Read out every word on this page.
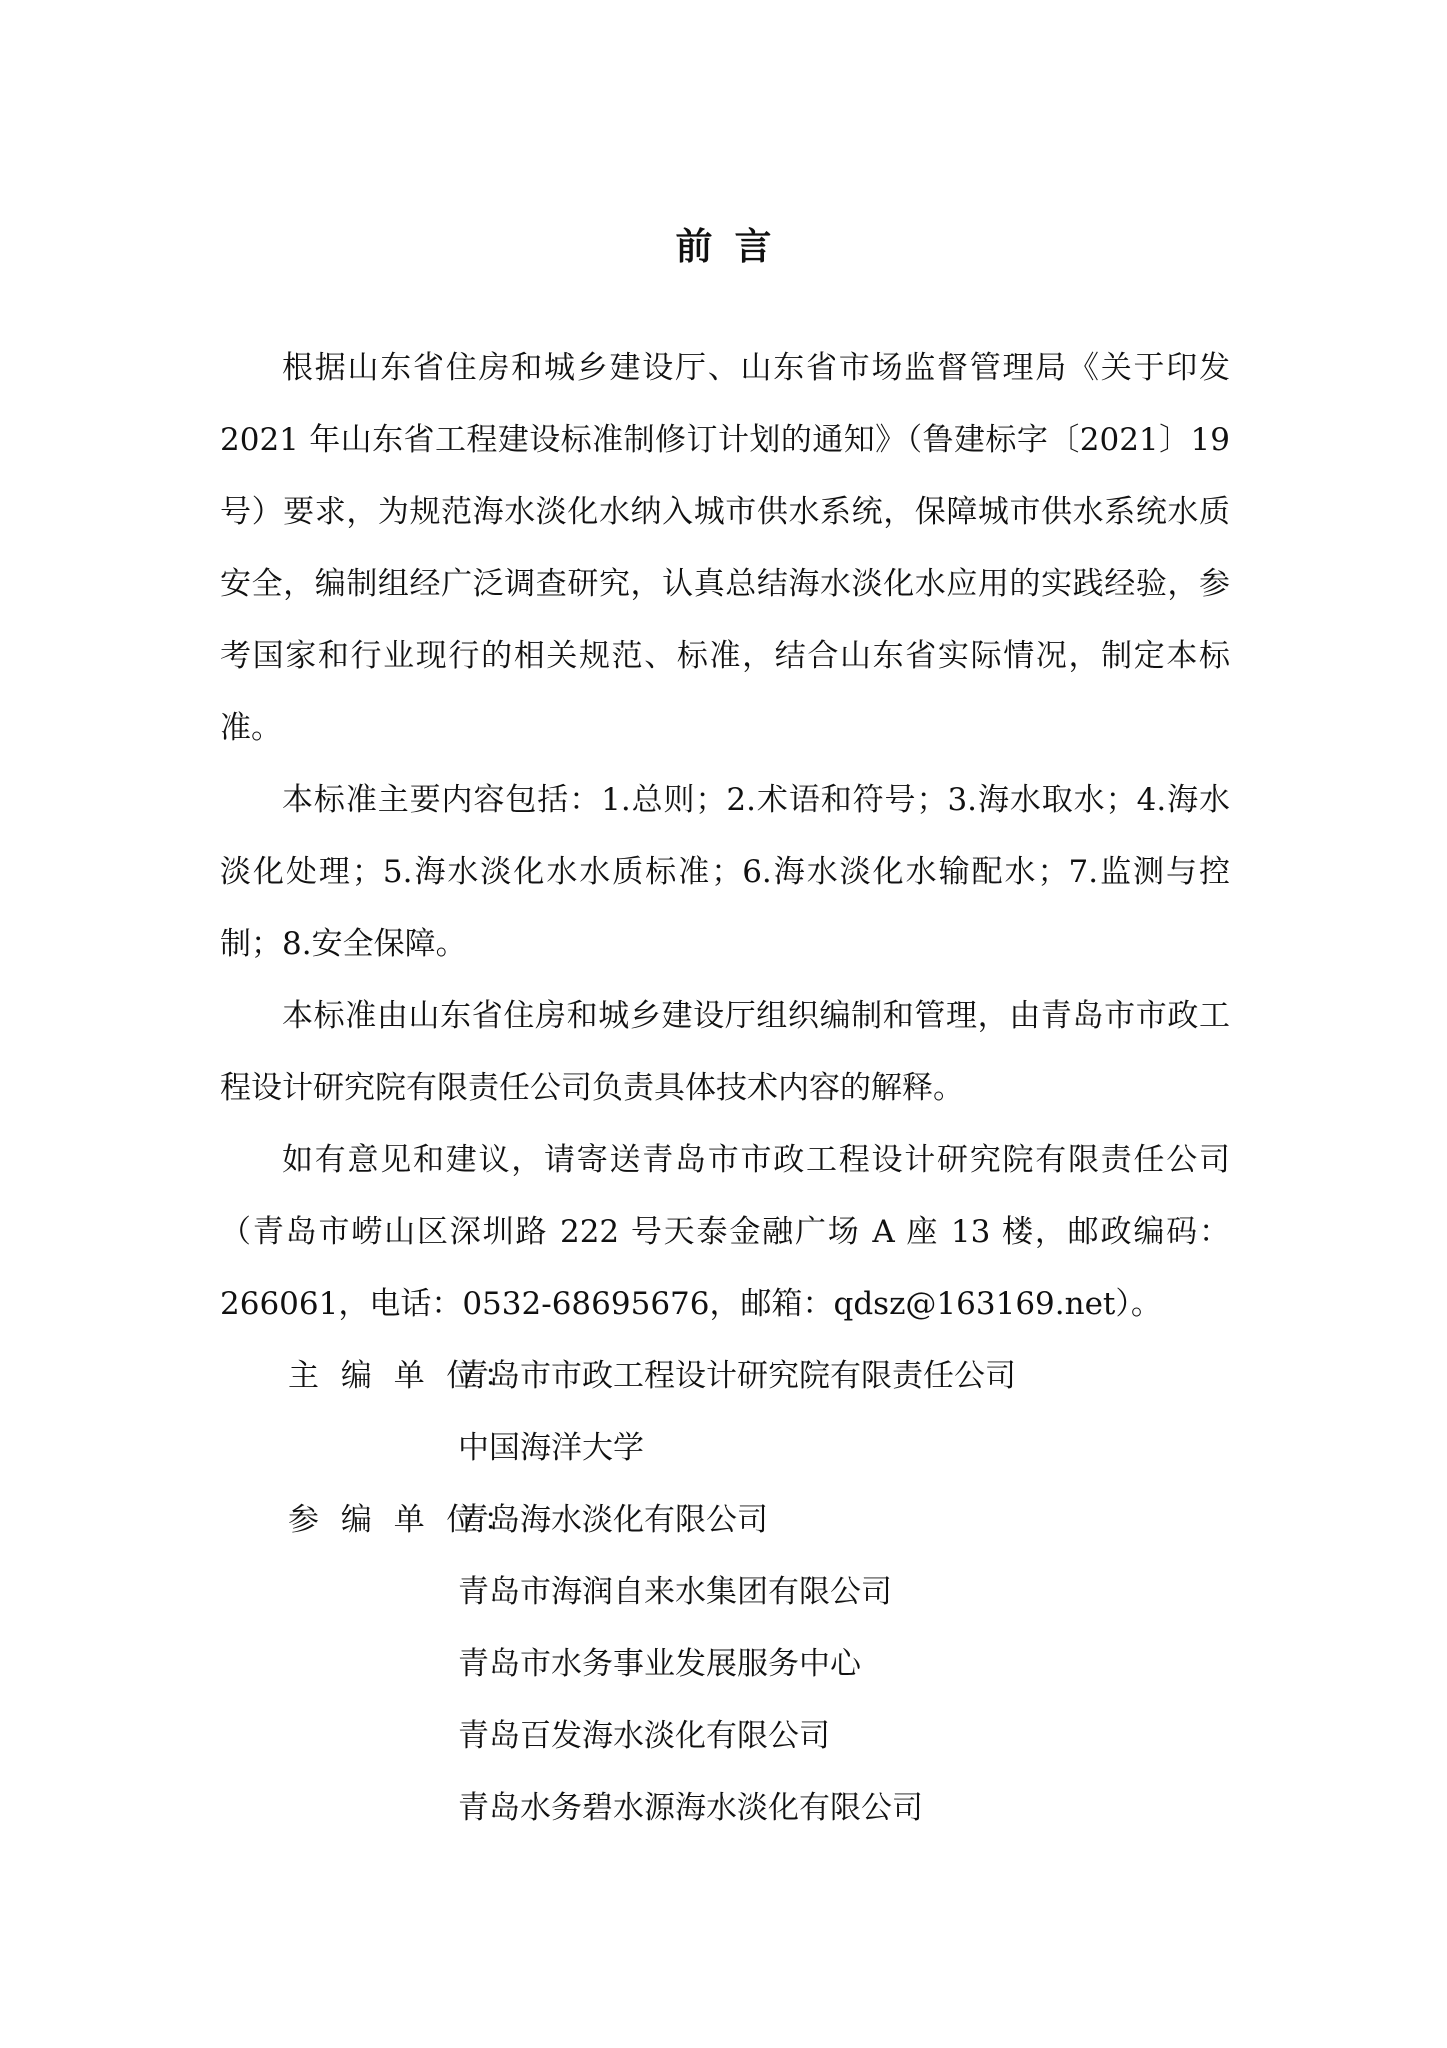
前言

根据山东省住房和城乡建设厅、山东省市场监督管理局《关于印发 2021 年山东省工程建设标准制修订计划的通知》（鲁建标字〔2021〕19 号）要求，为规范海水淡化水纳入城市供水系统，保障城市供水系统水质安全，编制组经广泛调查研究，认真总结海水淡化水应用的实践经验，参考国家和行业现行的相关规范、标准，结合山东省实际情况，制定本标准。

本标准主要内容包括：1.总则；2.术语和符号；3.海水取水；4.海水淡化处理；5.海水淡化水水质标准；6.海水淡化水输配水；7.监测与控制；8.安全保障。

本标准由山东省住房和城乡建设厅组织编制和管理，由青岛市市政工程设计研究院有限责任公司负责具体技术内容的解释。

如有意见和建议，请寄送青岛市市政工程设计研究院有限责任公司（青岛市崂山区深圳路 222 号天泰金融广场 A 座 13 楼，邮政编码：266061，电话：0532-68695676，邮箱：qdsz@163169.net）。

主 编 单 位：
青岛市市政工程设计研究院有限责任公司
中国海洋大学
参 编 单 位：
青岛海水淡化有限公司
青岛市海润自来水集团有限公司
青岛市水务事业发展服务中心
青岛百发海水淡化有限公司
青岛水务碧水源海水淡化有限公司
